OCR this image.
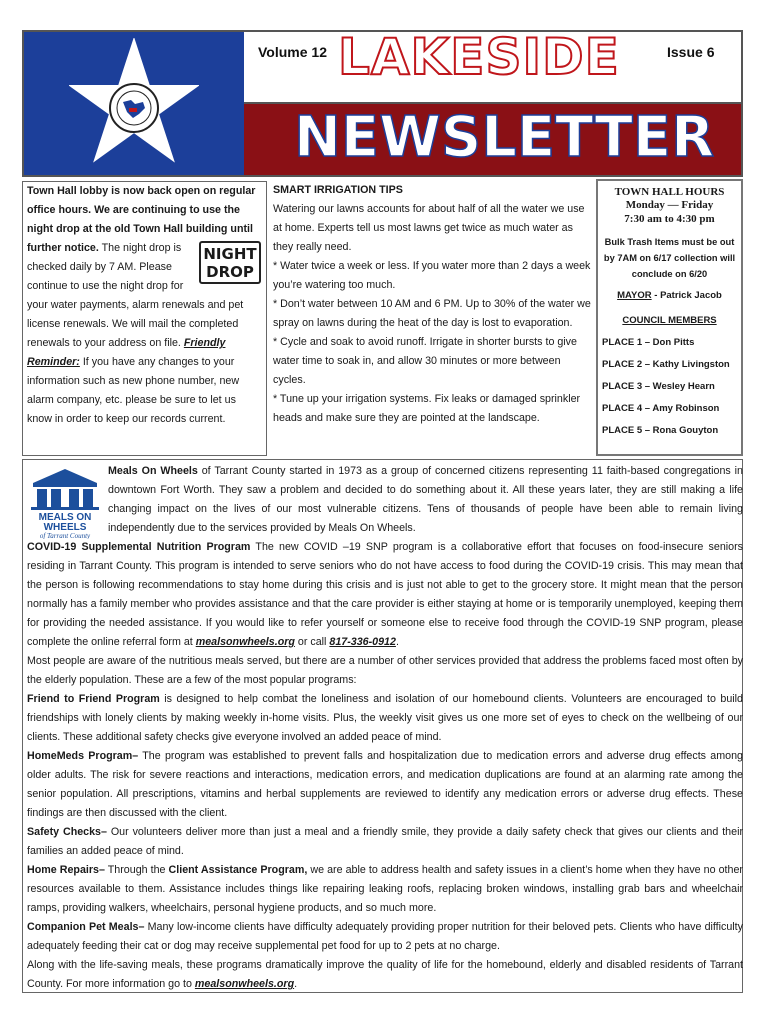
Volume 12 LAKESIDE	Issue 6
NEWSLETTER
Town Hall lobby is now back open on regular office hours. We are continuing to use the night drop at the old Town Hall building until further notice.	NIGHT
DROP
The night drop is checked daily by 7 AM. Please continue to use the night drop for your water payments, alarm renewals and pet license renewals. We will mail the completed renewals to your address on file. Friendly Reminder: If you have any changes to your information such as new phone number, new alarm company, etc. please be sure to let us know in order to keep our records current.

SMART IRRIGATION TIPS

Watering our lawns accounts for about half of all the water we use at home. Experts tell us most lawns get twice as much water as they really need.

* Water twice a week or less. If you water more than 2 days a week you’re watering too much.

* Don’t water between 10 AM and 6 PM. Up to 30% of the water we spray on lawns during the heat of the day is lost to evaporation.

* Cycle and soak to avoid runoff. Irrigate in shorter bursts to give water time to soak in, and allow 30 minutes or more between cycles.

* Tune up your irrigation systems. Fix leaks or damaged sprinkler heads and make sure they are pointed at the landscape.

TOWN HALL HOURS
Monday — Friday
7:30 am to 4:30 pm
Bulk Trash Items must be out by 7AM on 6/17 collection will conclude on 6/20
MAYOR - Patrick Jacob
COUNCIL MEMBERS
PLACE 1 – Don Pitts
PLACE 2 – Kathy Livingston
PLACE 3 – Wesley Hearn
PLACE 4 – Amy Robinson
PLACE 5 – Rona Gouyton
MEALS ON
WHEELS
of Tarrant County

Meals On Wheels of Tarrant County started in 1973 as a group of concerned citizens representing 11 faith-based congregations in downtown Fort Worth. They saw a problem and decided to do something about it. All these years later, they are still making a life changing impact on the lives of our most vulnerable citizens. Tens of thousands of people have been able to remain living independently due to the services provided by Meals On Wheels.

COVID-19 Supplemental Nutrition Program The new COVID –19 SNP program is a collaborative effort that focuses on food-insecure seniors residing in Tarrant County. This program is intended to serve seniors who do not have access to food during the COVID-19 crisis. This may mean that the person is following recommendations to stay home during this crisis and is just not able to get to the grocery store. It might mean that the person normally has a family member who provides assistance and that the care provider is either staying at home or is temporarily unemployed, keeping them for providing the needed assistance. If you would like to refer yourself or someone else to receive food through the COVID-19 SNP program, please complete the online referral form at mealsonwheels.org or call 817-336-0912.

Most people are aware of the nutritious meals served, but there are a number of other services provided that address the problems faced most often by the elderly population. These are a few of the most popular programs:

Friend to Friend Program is designed to help combat the loneliness and isolation of our homebound clients. Volunteers are encouraged to build friendships with lonely clients by making weekly in-home visits. Plus, the weekly visit gives us one more set of eyes to check on the wellbeing of our clients. These additional safety checks give everyone involved an added peace of mind.

HomeMeds Program– The program was established to prevent falls and hospitalization due to medication errors and adverse drug effects among older adults. The risk for severe reactions and interactions, medication errors, and medication duplications are found at an alarming rate among the senior population. All prescriptions, vitamins and herbal supplements are reviewed to identify any medication errors or adverse drug effects. These findings are then discussed with the client.

Safety Checks– Our volunteers deliver more than just a meal and a friendly smile, they provide a daily safety check that gives our clients and their families an added peace of mind.

Home Repairs– Through the Client Assistance Program, we are able to address health and safety issues in a client’s home when they have no other resources available to them. Assistance includes things like repairing leaking roofs, replacing broken windows, installing grab bars and wheelchair ramps, providing walkers, wheelchairs, personal hygiene products, and so much more.

Companion Pet Meals– Many low-income clients have difficulty adequately providing proper nutrition for their beloved pets. Clients who have difficulty adequately feeding their cat or dog may receive supplemental pet food for up to 2 pets at no charge.

Along with the life-saving meals, these programs dramatically improve the quality of life for the homebound, elderly and disabled residents of Tarrant County. For more information go to mealsonwheels.org.
